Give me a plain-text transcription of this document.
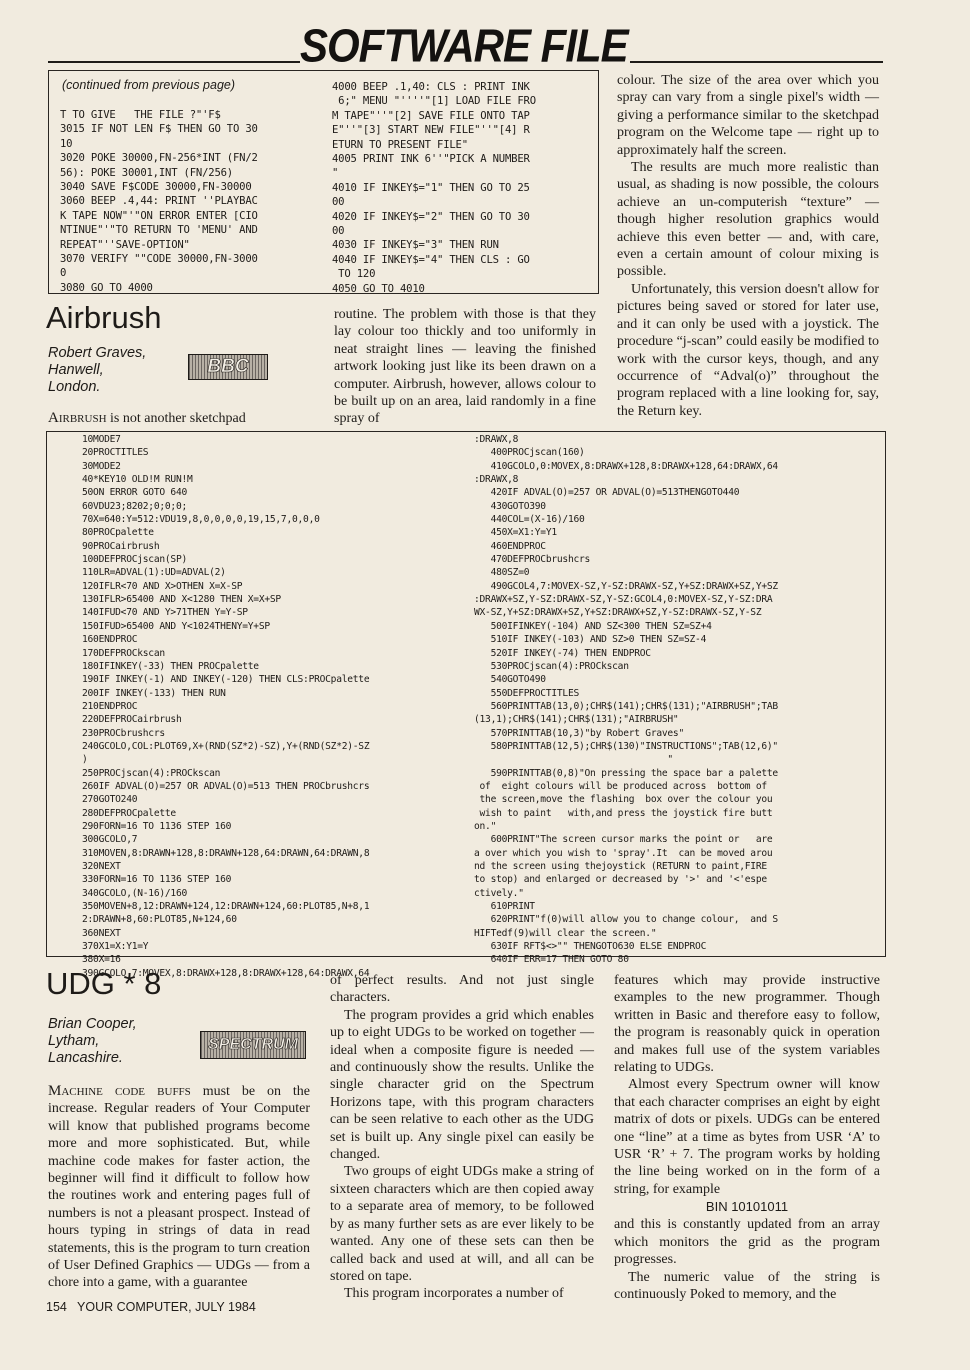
SOFTWARE FILE
(continued from previous page)
T TO GIVE   THE FILE ?"'F$
3015 IF NOT LEN F$ THEN GO TO 30
10
3020 POKE 30000,FN-256*INT (FN/2
56): POKE 30001,INT (FN/256)
3040 SAVE F$CODE 30000,FN-30000
3060 BEEP .4,44: PRINT ''PLAYBAC
K TAPE NOW"'"ON ERROR ENTER [CIO
NTINUE"'"TO RETURN TO 'MENU' AND
REPEAT"''SAVE-OPTION"
3070 VERIFY ""CODE 30000,FN-3000
0
3080 GO TO 4000
4000 BEEP .1,40: CLS : PRINT INK
6;" MENU "''''"[1] LOAD FILE FRO
M TAPE"''"[2] SAVE FILE ONTO TAP
E"''"[3] START NEW FILE"''"[4] R
ETURN TO PRESENT FILE"
4005 PRINT INK 6''"PICK A NUMBER
"
4010 IF INKEY$="1" THEN GO TO 25
00
4020 IF INKEY$="2" THEN GO TO 30
00
4030 IF INKEY$="3" THEN RUN
4040 IF INKEY$="4" THEN CLS : GO
TO 120
4050 GO TO 4010

colour. The size of the area over which you spray can vary from a single pixel's width — giving a performance similar to the sketchpad program on the Welcome tape — right up to approximately half the screen.

The results are much more realistic than usual, as shading is now possible, the colours achieve an un-computerish “texture” — though higher resolution graphics would achieve this even better — and, with care, even a certain amount of colour mixing is possible.

Unfortunately, this version doesn't allow for pictures being saved or stored for later use, and it can only be used with a joystick. The procedure “j-scan” could easily be modified to work with the cursor keys, though, and any occurrence of “Adval(o)” throughout the program replaced with a line looking for, say, the Return key.

Airbrush
Robert Graves,
Hanwell,
London.
BBC
Airbrush is not another sketchpad
routine. The problem with those is that they lay colour too thickly and too uniformly in neat straight lines — leaving the finished artwork looking just like its been drawn on a computer. Airbrush, however, allows colour to be built up on an area, laid randomly in a fine spray of
10MODE7
20PROCTITLES
30MODE2
40*KEY10 OLD!M RUN!M
50ON ERROR GOTO 640
60VDU23;8202;0;0;0;
70X=640:Y=512:VDU19,8,0,0,0,0,19,15,7,0,0,0
80PROCpalette
90PROCairbrush
100DEFPROCjscan(SP)
110LR=ADVAL(1):UD=ADVAL(2)
120IFLR<70 AND X>OTHEN X=X-SP
130IFLR>65400 AND X<1280 THEN X=X+SP
140IFUD<70 AND Y>71THEN Y=Y-SP
150IFUD>65400 AND Y<1024THENY=Y+SP
160ENDPROC
170DEFPROCkscan
180IFINKEY(-33) THEN PROCpalette
190IF INKEY(-1) AND INKEY(-120) THEN CLS:PROCpalette
200IF INKEY(-133) THEN RUN
210ENDPROC
220DEFPROCairbrush
230PROCbrushcrs
240GCOLO,COL:PLOT69,X+(RND(SZ*2)-SZ),Y+(RND(SZ*2)-SZ
)
250PROCjscan(4):PROCkscan
260IF ADVAL(O)=257 OR ADVAL(O)=513 THEN PROCbrushcrs
270GOTO240
280DEFPROCpalette
290FORN=16 TO 1136 STEP 160
300GCOLO,7
310MOVEN,8:DRAWN+128,8:DRAWN+128,64:DRAWN,64:DRAWN,8
320NEXT
330FORN=16 TO 1136 STEP 160
340GCOLO,(N-16)/160
350MOVEN+8,12:DRAWN+124,12:DRAWN+124,60:PLOT85,N+8,1
2:DRAWN+8,60:PLOT85,N+124,60
360NEXT
370X1=X:Y1=Y
380X=16
390GCOLO,7:MOVEX,8:DRAWX+128,8:DRAWX+128,64:DRAWX,64
:DRAWX,8
400PROCjscan(160)
410GCOLO,0:MOVEX,8:DRAWX+128,8:DRAWX+128,64:DRAWX,64
:DRAWX,8
420IF ADVAL(O)=257 OR ADVAL(O)=513THENGOTO440
430GOTO390
440COL=(X-16)/160
450X=X1:Y=Y1
460ENDPROC
470DEFPROCbrushcrs
480SZ=0
490GCOL4,7:MOVEX-SZ,Y-SZ:DRAWX-SZ,Y+SZ:DRAWX+SZ,Y+SZ
:DRAWX+SZ,Y-SZ:DRAWX-SZ,Y-SZ:GCOL4,0:MOVEX-SZ,Y-SZ:DRA
WX-SZ,Y+SZ:DRAWX+SZ,Y+SZ:DRAWX+SZ,Y-SZ:DRAWX-SZ,Y-SZ
500IFINKEY(-104) AND SZ<300 THEN SZ=SZ+4
510IF INKEY(-103) AND SZ>0 THEN SZ=SZ-4
520IF INKEY(-74) THEN ENDPROC
530PROCjscan(4):PROCkscan
540GOTO490
550DEFPROCTITLES
560PRINTTAB(13,0);CHR$(141);CHR$(131);"AIRBRUSH";TAB
(13,1);CHR$(141);CHR$(131);"AIRBRUSH"
570PRINTTAB(10,3)"by Robert Graves"
580PRINTTAB(12,5);CHR$(130)"INSTRUCTIONS";TAB(12,6)"
"
590PRINTTAB(0,8)"On pressing the space bar a palette
of  eight colours will be produced across  bottom of
the screen,move the flashing  box over the colour you
wish to paint   with,and press the joystick fire butt
on."
600PRINT"The screen cursor marks the point or   are
a over which you wish to 'spray'.It  can be moved arou
nd the screen using thejoystick (RETURN to paint,FIRE
to stop) and enlarged or decreased by '>' and '<'espe
ctively."
610PRINT
620PRINT"f(0)will allow you to change colour,  and S
HIFTedf(9)will clear the screen."
630IF RFT$<>"" THENGOTO630 ELSE ENDPROC
640IF ERR=17 THEN GOTO 80
UDG * 8
Brian Cooper,
Lytham,
Lancashire.
SPECTRUM
Machine code buffs must be on the increase. Regular readers of Your Computer will know that published programs become more and more sophisticated. But, while machine code makes for faster action, the beginner will find it difficult to follow how the routines work and entering pages full of numbers is not a pleasant prospect. Instead of hours typing in strings of data in read statements, this is the program to turn creation of User Defined Graphics — UDGs — from a chore into a game, with a guarantee

of perfect results. And not just single characters.

The program provides a grid which enables up to eight UDGs to be worked on together — ideal when a composite figure is needed — and continuously show the results. Unlike the single character grid on the Spectrum Horizons tape, with this program characters can be seen relative to each other as the UDG set is built up. Any single pixel can easily be changed.

Two groups of eight UDGs make a string of sixteen characters which are then copied away to a separate area of memory, to be followed by as many further sets as are ever likely to be wanted. Any one of these sets can then be called back and used at will, and all can be stored on tape.

This program incorporates a number of

features which may provide instructive examples to the new programmer. Though written in Basic and therefore easy to follow, the program is reasonably quick in operation and makes full use of the system variables relating to UDGs.

Almost every Spectrum owner will know that each character comprises an eight by eight matrix of dots or pixels. UDGs can be entered one “line” at a time as bytes from USR ‘A’ to USR ‘R’ + 7. The program works by holding the line being worked on in the form of a string, for example

BIN 10101011

and this is constantly updated from an array which monitors the grid as the program progresses.

The numeric value of the string is continuously Poked to memory, and the

154   YOUR COMPUTER, JULY 1984
